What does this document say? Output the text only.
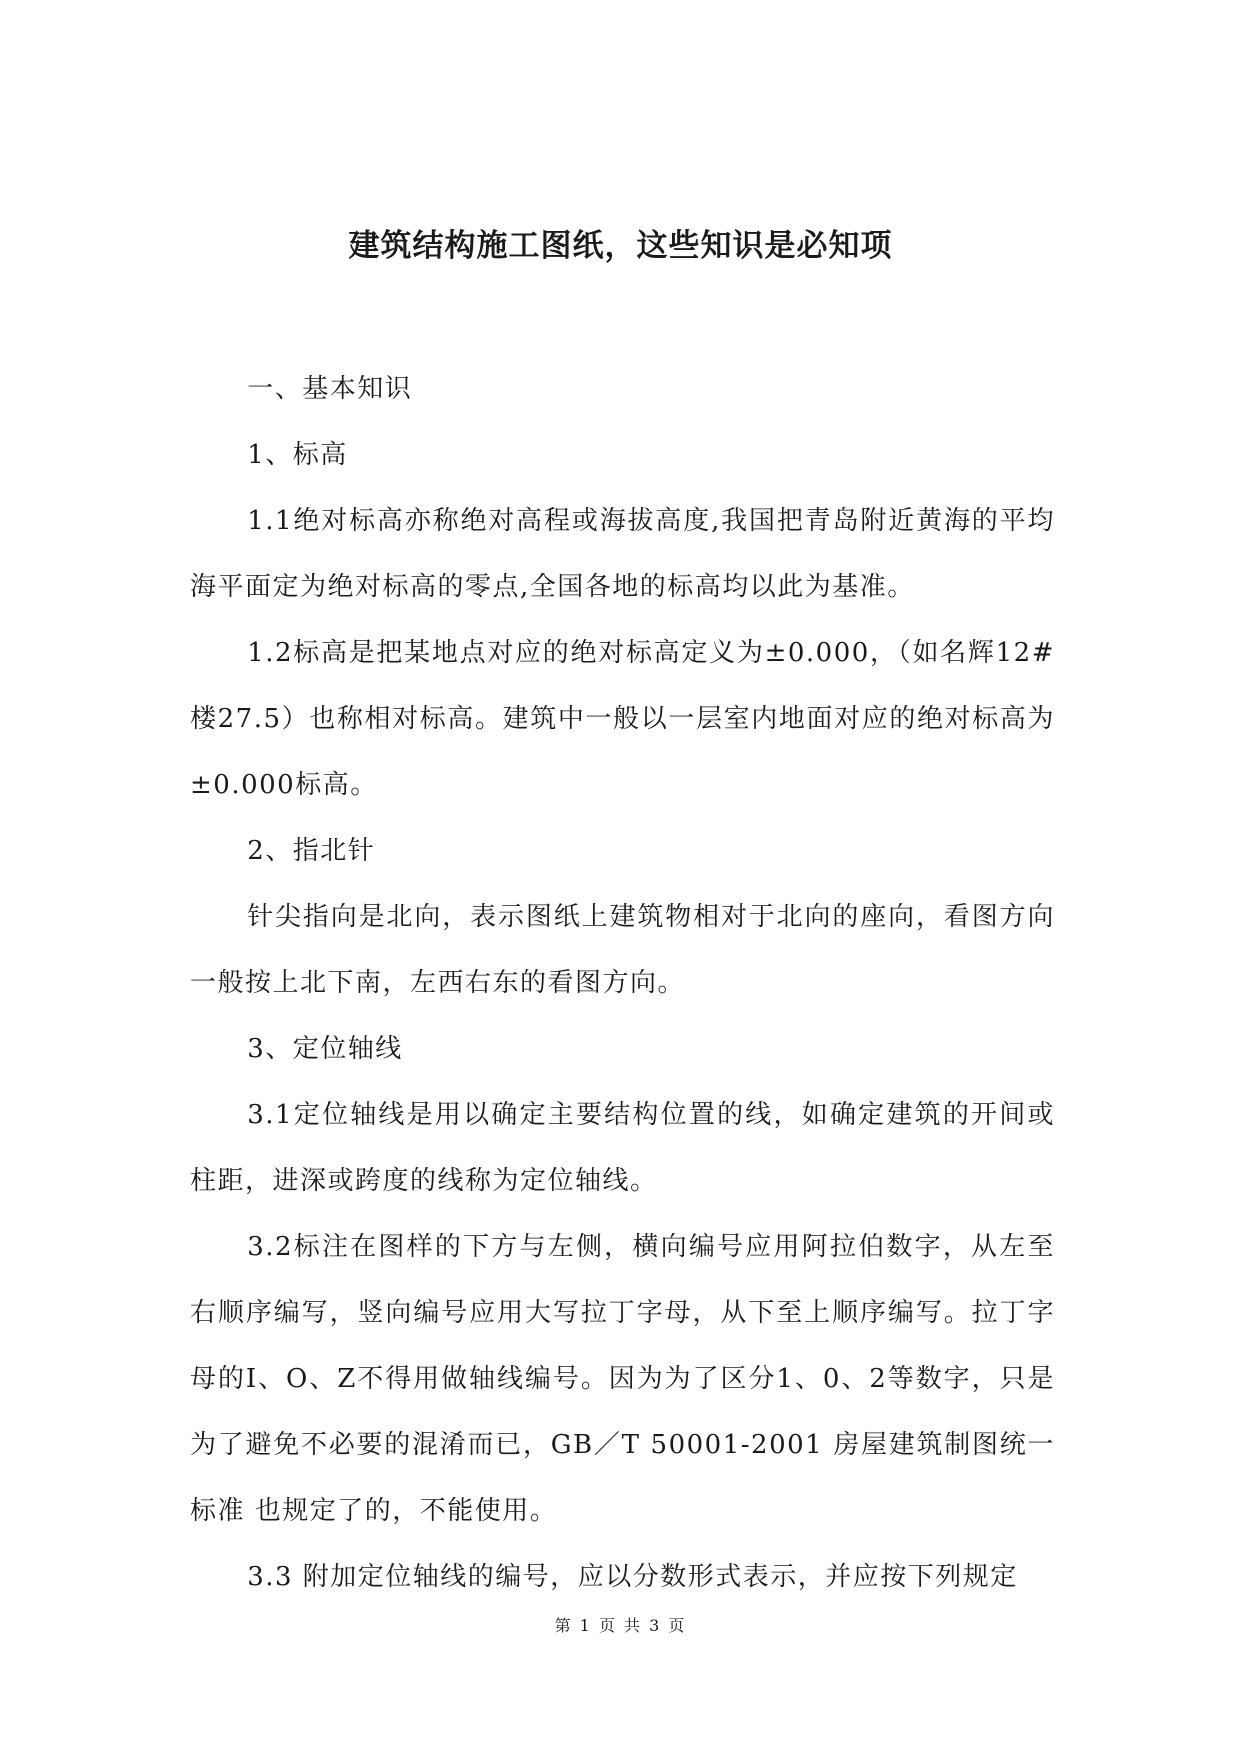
建筑结构施工图纸，这些知识是必知项

一、基本知识

1、标高

1.1绝对标高亦称绝对高程或海拔高度,我国把青岛附近黄海的平均海平面定为绝对标高的零点,全国各地的标高均以此为基准。

1.2标高是把某地点对应的绝对标高定义为±0.000，（如名辉12#楼27.5）也称相对标高。建筑中一般以一层室内地面对应的绝对标高为±0.000标高。

2、指北针

针尖指向是北向，表示图纸上建筑物相对于北向的座向，看图方向一般按上北下南，左西右东的看图方向。

3、定位轴线

3.1定位轴线是用以确定主要结构位置的线，如确定建筑的开间或柱距，进深或跨度的线称为定位轴线。

3.2标注在图样的下方与左侧，横向编号应用阿拉伯数字，从左至右顺序编写，竖向编号应用大写拉丁字母，从下至上顺序编写。拉丁字母的I、O、Z不得用做轴线编号。因为为了区分1、0、2等数字，只是为了避免不必要的混淆而已，GB／T 50001-2001 房屋建筑制图统一标准 也规定了的，不能使用。

3.3 附加定位轴线的编号，应以分数形式表示，并应按下列规定

第 1 页 共 3 页
